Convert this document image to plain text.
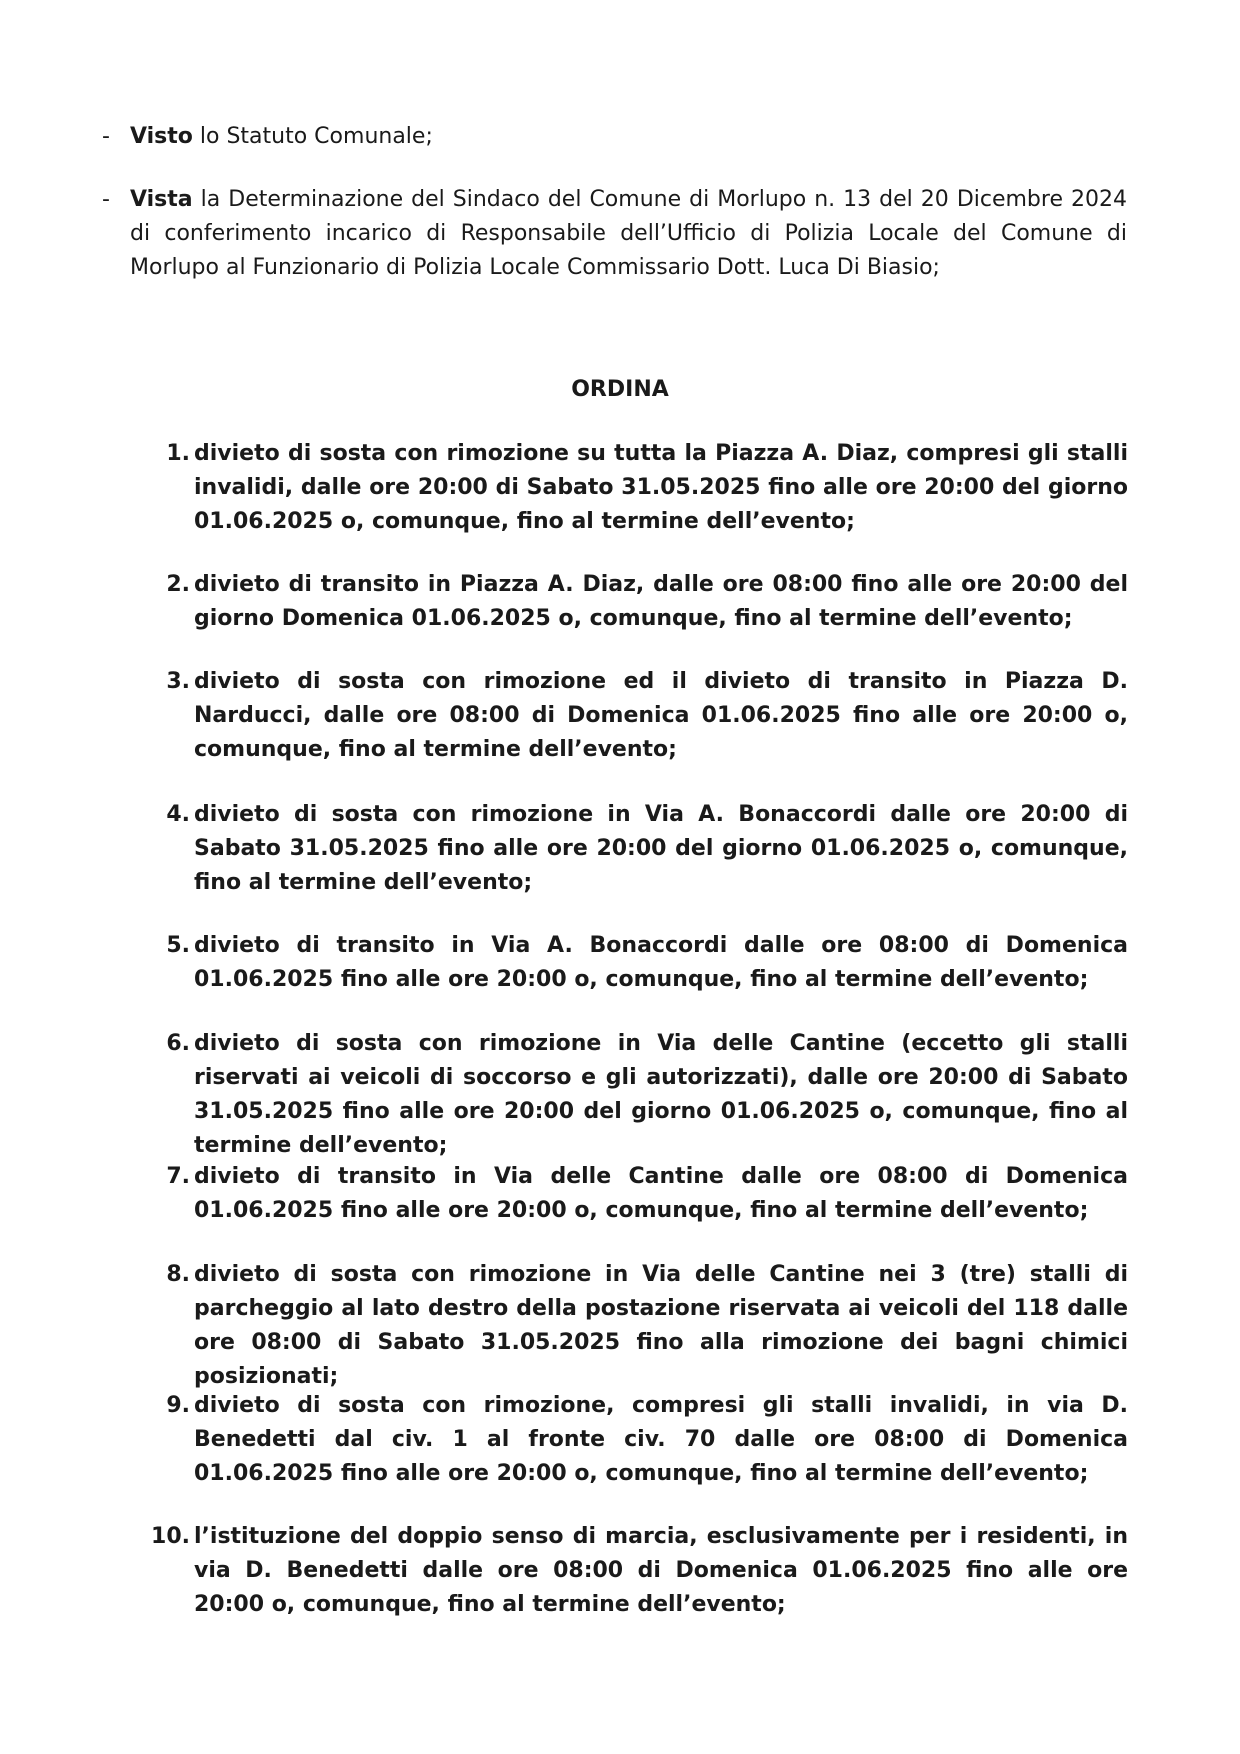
- Visto lo Statuto Comunale;
- Vista la Determinazione del Sindaco del Comune di Morlupo n. 13 del 20 Dicembre 2024 di conferimento incarico di Responsabile dell’Ufficio di Polizia Locale del Comune di Morlupo al Funzionario di Polizia Locale Commissario Dott. Luca Di Biasio;
ORDINA
1. divieto di sosta con rimozione su tutta la Piazza A. Diaz, compresi gli stalli invalidi, dalle ore 20:00 di Sabato 31.05.2025 fino alle ore 20:00 del giorno 01.06.2025 o, comunque, fino al termine dell’evento;
2. divieto di transito in Piazza A. Diaz, dalle ore 08:00 fino alle ore 20:00 del giorno Domenica 01.06.2025 o, comunque, fino al termine dell’evento;
3. divieto di sosta con rimozione ed il divieto di transito in Piazza D. Narducci, dalle ore 08:00 di Domenica 01.06.2025 fino alle ore 20:00 o, comunque, fino al termine dell’evento;
4. divieto di sosta con rimozione in Via A. Bonaccordi dalle ore 20:00 di Sabato 31.05.2025 fino alle ore 20:00 del giorno 01.06.2025 o, comunque, fino al termine dell’evento;
5. divieto di transito in Via A. Bonaccordi dalle ore 08:00 di Domenica 01.06.2025 fino alle ore 20:00 o, comunque, fino al termine dell’evento;
6. divieto di sosta con rimozione in Via delle Cantine (eccetto gli stalli riservati ai veicoli di soccorso e gli autorizzati), dalle ore 20:00 di Sabato 31.05.2025 fino alle ore 20:00 del giorno 01.06.2025 o, comunque, fino al termine dell’evento;
7. divieto di transito in Via delle Cantine dalle ore 08:00 di Domenica 01.06.2025 fino alle ore 20:00 o, comunque, fino al termine dell’evento;
8. divieto di sosta con rimozione in Via delle Cantine nei 3 (tre) stalli di parcheggio al lato destro della postazione riservata ai veicoli del 118 dalle ore 08:00 di Sabato 31.05.2025 fino alla rimozione dei bagni chimici posizionati;
9. divieto di sosta con rimozione, compresi gli stalli invalidi, in via D. Benedetti dal civ. 1 al fronte civ. 70 dalle ore 08:00 di Domenica 01.06.2025 fino alle ore 20:00 o, comunque, fino al termine dell’evento;
10. l’istituzione del doppio senso di marcia, esclusivamente per i residenti, in via D. Benedetti dalle ore 08:00 di Domenica 01.06.2025 fino alle ore 20:00 o, comunque, fino al termine dell’evento;
